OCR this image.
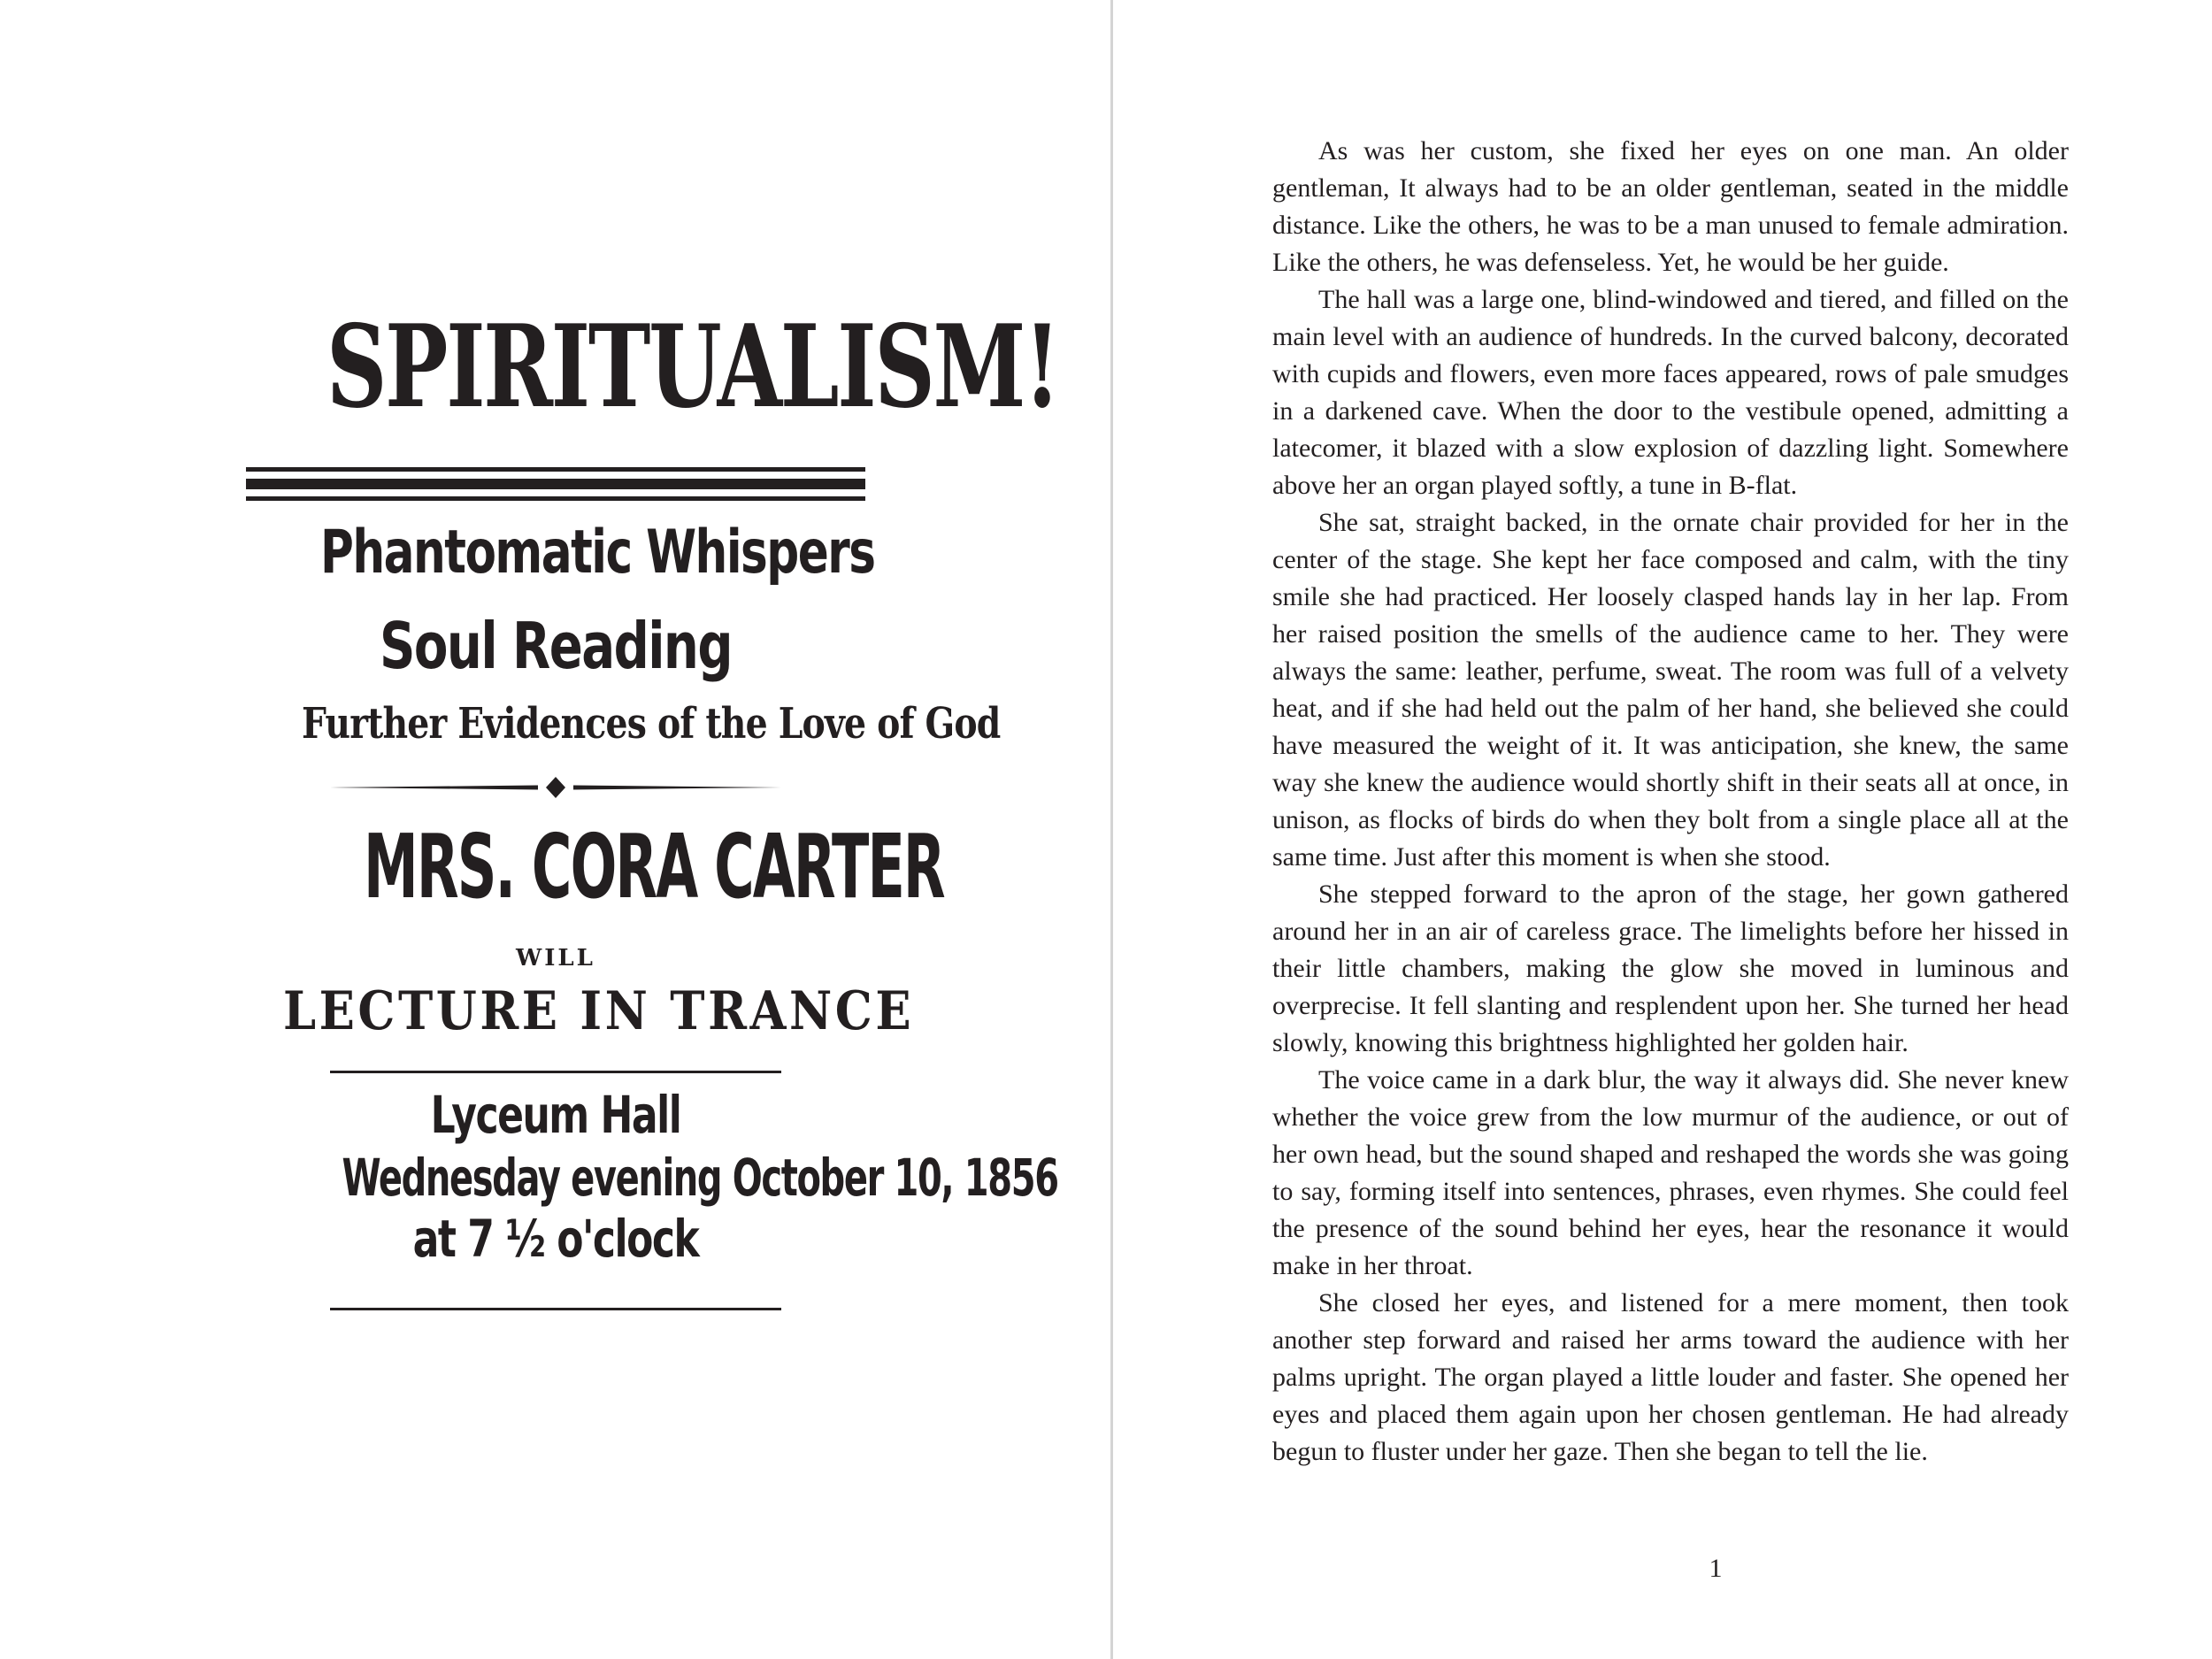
SPIRITUALISM!
Phantomatic Whispers
Soul Reading
Further Evidences of the Love of God
MRS. CORA CARTER
WILL
LECTURE IN TRANCE
Lyceum Hall
Wednesday evening October 10, 1856
at 7 ½ o'clock

As was her custom, she fixed her eyes on one man. An older gentleman, It always had to be an older gentleman, seated in the middle distance. Like the others, he was to be a man unused to female admiration. Like the others, he was defenseless. Yet, he would be her guide.

The hall was a large one, blind-windowed and tiered, and filled on the main level with an audience of hundreds. In the curved balcony, decorated with cupids and flowers, even more faces appeared, rows of pale smudges in a darkened cave. When the door to the vestibule opened, admitting a latecomer, it blazed with a slow explosion of dazzling light. Somewhere above her an organ played softly, a tune in B-flat.

She sat, straight backed, in the ornate chair provided for her in the center of the stage. She kept her face composed and calm, with the tiny smile she had practiced. Her loosely clasped hands lay in her lap. From her raised position the smells of the audience came to her. They were always the same: leather, perfume, sweat. The room was full of a velvety heat, and if she had held out the palm of her hand, she believed she could have measured the weight of it. It was anticipation, she knew, the same way she knew the audience would shortly shift in their seats all at once, in unison, as flocks of birds do when they bolt from a single place all at the same time. Just after this moment is when she stood.

She stepped forward to the apron of the stage, her gown gathered around her in an air of careless grace. The limelights before her hissed in their little chambers, making the glow she moved in luminous and overprecise. It fell slanting and resplendent upon her. She turned her head slowly, knowing this brightness highlighted her golden hair.

The voice came in a dark blur, the way it always did. She never knew whether the voice grew from the low murmur of the audience, or out of her own head, but the sound shaped and reshaped the words she was going to say, forming itself into sentences, phrases, even rhymes. She could feel the presence of the sound behind her eyes, hear the resonance it would make in her throat.

She closed her eyes, and listened for a mere moment, then took another step forward and raised her arms toward the audience with her palms upright. The organ played a little louder and faster. She opened her eyes and placed them again upon her chosen gentleman. He had already begun to fluster under her gaze. Then she began to tell the lie.

1
